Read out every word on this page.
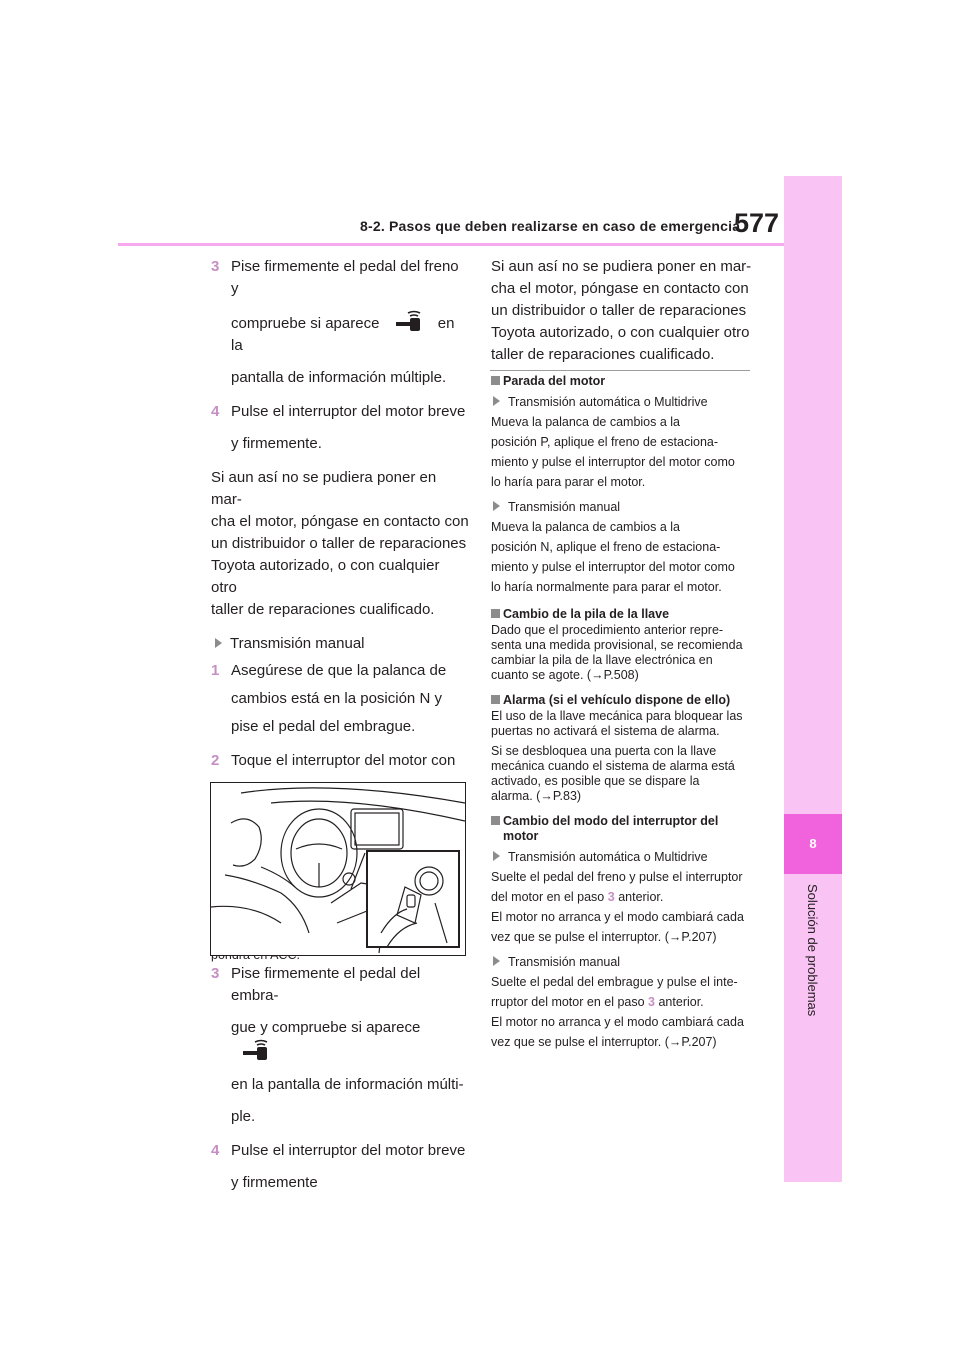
8-2. Pasos que deben realizarse en caso de emergencia
577
8
Solución de problemas
3 Pise firmemente el pedal del freno y
compruebe si aparece	en la
pantalla de información múltiple.
4 Pulse el interruptor del motor breve
y firmemente.
Si aun así no se pudiera poner en mar-
cha el motor, póngase en contacto con
un distribuidor o taller de reparaciones
Toyota autorizado, o con cualquier otro
taller de reparaciones cualificado.
Transmisión manual
1 Asegúrese de que la palanca de
cambios está en la posición N y
pise el pedal del embrague.
2 Toque el interruptor del motor con
3 Pise firmemente el pedal del embra-
gue y compruebe si aparece
en la pantalla de información múlti-
ple.
4 Pulse el interruptor del motor breve
y firmemente
Si aun así no se pudiera poner en mar-
cha el motor, póngase en contacto con
un distribuidor o taller de reparaciones
Toyota autorizado, o con cualquier otro
taller de reparaciones cualificado.
Parada del motor
Transmisión automática o Multidrive
Mueva la palanca de cambios a la
posición P, aplique el freno de estaciona-
miento y pulse el interruptor del motor como
lo haría para parar el motor.
Transmisión manual
Mueva la palanca de cambios a la
posición N, aplique el freno de estaciona-
miento y pulse el interruptor del motor como
lo haría normalmente para parar el motor.
Cambio de la pila de la llave
Dado que el procedimiento anterior repre-
senta una medida provisional, se recomienda
cambiar la pila de la llave electrónica en
cuanto se agote. (→P.508)
Alarma (si el vehículo dispone de ello)
El uso de la llave mecánica para bloquear las
puertas no activará el sistema de alarma.
Si se desbloquea una puerta con la llave
mecánica cuando el sistema de alarma está
activado, es posible que se dispare la
alarma. (→P.83)
Cambio del modo del interruptor del
motor
Transmisión automática o Multidrive
Suelte el pedal del freno y pulse el interruptor
del motor en el paso 3 anterior.
El motor no arranca y el modo cambiará cada
vez que se pulse el interruptor. (→P.207)
Transmisión manual
Suelte el pedal del embrague y pulse el inte-
rruptor del motor en el paso 3 anterior.
El motor no arranca y el modo cambiará cada
vez que se pulse el interruptor. (→P.207)
